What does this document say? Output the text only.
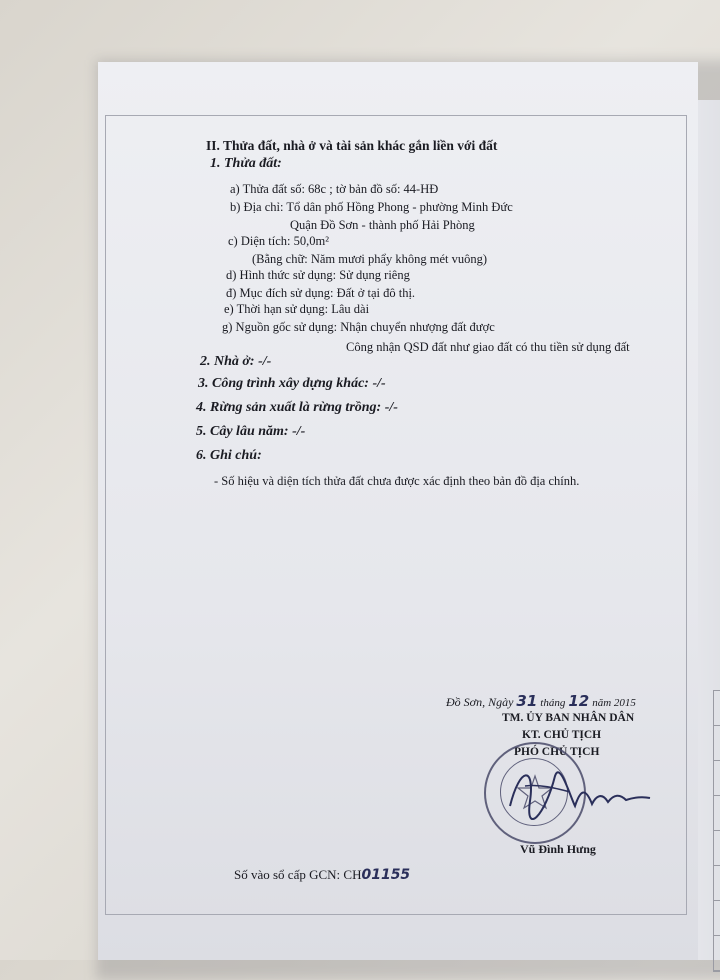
II. Thửa đất, nhà ở và tài sản khác gắn liền với đất
1. Thửa đất:
a) Thửa đất số: 68c ; tờ bản đồ số: 44-HĐ
b) Địa chỉ: Tổ dân phố Hồng Phong - phường Minh Đức
Quận Đồ Sơn - thành phố Hải Phòng
c) Diện tích: 50,0m²
(Bằng chữ: Năm mươi phẩy không mét vuông)
d) Hình thức sử dụng: Sử dụng riêng
đ) Mục đích sử dụng: Đất ở tại đô thị.
e) Thời hạn sử dụng: Lâu dài
g) Nguồn gốc sử dụng: Nhận chuyển nhượng đất được
Công nhận QSD đất như giao đất có thu tiền sử dụng đất
2. Nhà ở: -/-
3. Công trình xây dựng khác: -/-
4. Rừng sản xuất là rừng trồng: -/-
5. Cây lâu năm: -/-
6. Ghi chú:
- Số hiệu và diện tích thửa đất chưa được xác định theo bản đồ địa chính.
Đồ Sơn, Ngày 31 tháng 12 năm 2015
TM. ỦY BAN NHÂN DÂN
KT. CHỦ TỊCH
PHÓ CHỦ TỊCH
Vũ Đình Hưng
Số vào sổ cấp GCN: CH01155
